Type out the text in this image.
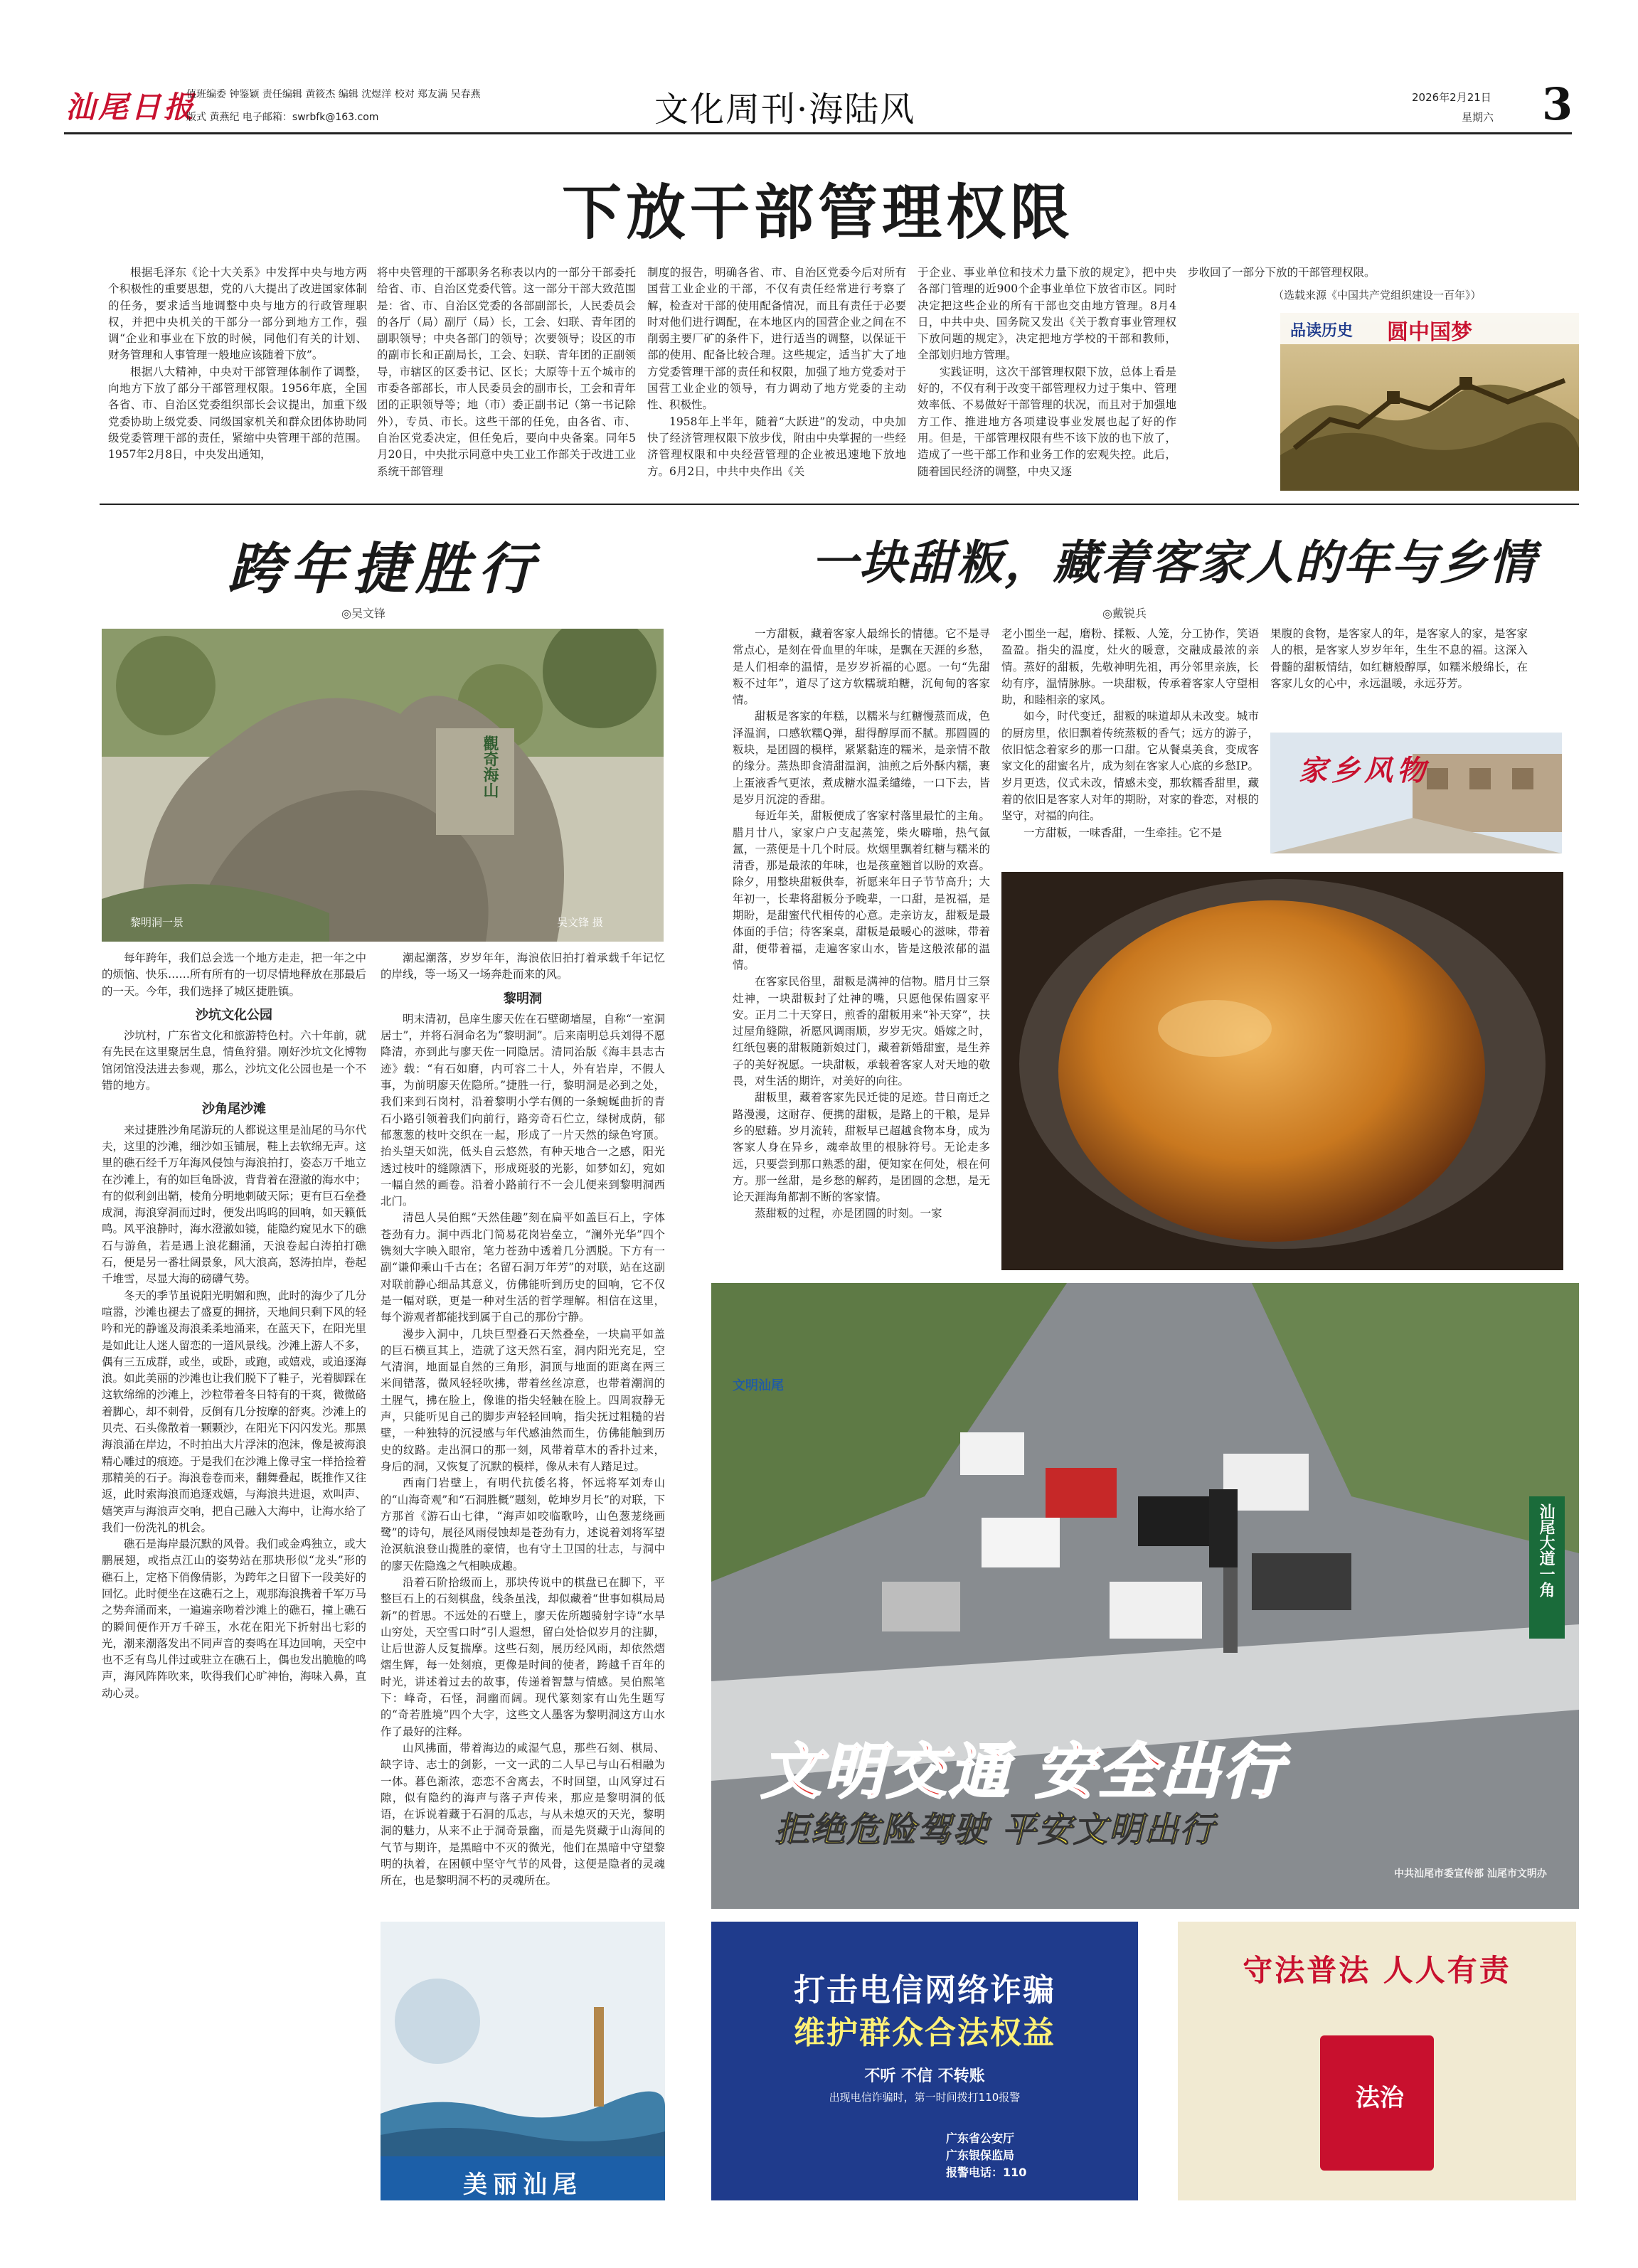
汕尾日报
值班编委 钟鉴颖 责任编辑 黄筱杰 编辑 沈煜洋 校对 郑友满 吴春燕
版式 黄燕纪 电子邮箱：swrbfk@163.com	文化周刊·海陆风	2026年2月21日
星期六 3
下放干部管理权限

根据毛泽东《论十大关系》中发挥中央与地方两个积极性的重要思想，党的八大提出了改进国家体制的任务，要求适当地调整中央与地方的行政管理职权，并把中央机关的干部分一部分到地方工作，强调“企业和事业在下放的时候，同他们有关的计划、财务管理和人事管理一般地应该随着下放”。

根据八大精神，中央对干部管理体制作了调整，向地方下放了部分干部管理权限。1956年底，全国各省、市、自治区党委组织部长会议提出，加重下级党委协助上级党委、同级国家机关和群众团体协助同级党委管理干部的责任，紧缩中央管理干部的范围。1957年2月8日，中央发出通知，

将中央管理的干部职务名称表以内的一部分干部委托给省、市、自治区党委代管。这一部分干部大致范围是：省、市、自治区党委的各部副部长，人民委员会的各厅（局）副厅（局）长，工会、妇联、青年团的副职领导；中央各部门的领导；次要领导；设区的市的副市长和正副局长，工会、妇联、青年团的正副领导，市辖区的区委书记、区长；大原等十五个城市的市委各部部长，市人民委员会的副市长，工会和青年团的正职领导等；地（市）委正副书记（第一书记除外），专员、市长。这些干部的任免，由各省、市、自治区党委决定，但任免后，要向中央备案。同年5月20日，中央批示同意中央工业工作部关于改进工业系统干部管理

制度的报告，明确各省、市、自治区党委今后对所有国营工业企业的干部，不仅有责任经常进行考察了解，检查对干部的使用配备情况，而且有责任于必要时对他们进行调配，在本地区内的国营企业之间在不削弱主要厂矿的条件下，进行适当的调整，以保证干部的使用、配备比较合理。这些规定，适当扩大了地方党委管理干部的责任和权限，加强了地方党委对于国营工业企业的领导，有力调动了地方党委的主动性、积极性。

1958年上半年，随着“大跃进”的发动，中央加快了经济管理权限下放步伐，附由中央掌握的一些经济管理权限和中央经营管理的企业被迅速地下放地方。6月2日，中共中央作出《关

于企业、事业单位和技术力量下放的规定》，把中央各部门管理的近900个企事业单位下放省市区。同时决定把这些企业的所有干部也交由地方管理。8月4日，中共中央、国务院又发出《关于教育事业管理权下放问题的规定》，决定把地方学校的干部和教师，全部划归地方管理。

实践证明，这次干部管理权限下放，总体上看是好的，不仅有利于改变干部管理权力过于集中、管理效率低、不易做好干部管理的状况，而且对于加强地方工作、推进地方各项建设事业发展也起了好的作用。但是，干部管理权限有些不该下放的也下放了，造成了一些干部工作和业务工作的宏观失控。此后，随着国民经济的调整，中央又逐

步收回了一部分下放的干部管理权限。

（选载来源《中国共产党组织建设一百年》）
品读历史 圆中国梦
跨年捷胜行
◎吴文锋
一块甜粄，藏着客家人的年与乡情
◎戴锐兵
觀奇海山
黎明洞一景	吴文锋 摄

每年跨年，我们总会选一个地方走走，把一年之中的烦恼、快乐……所有所有的一切尽情地释放在那最后的一天。今年，我们选择了城区捷胜镇。

沙坑文化公园

沙坑村，广东省文化和旅游特色村。六十年前，就有先民在这里聚居生息，情鱼狩猎。刚好沙坑文化博物馆闭馆没法进去参观，那么，沙坑文化公园也是一个不错的地方。

沙角尾沙滩

来过捷胜沙角尾游玩的人都说这里是汕尾的马尔代夫，这里的沙滩，细沙如玉铺展，鞋上去软绵无声。这里的礁石经千万年海风侵蚀与海浪拍打，姿态万千地立在沙滩上，有的如巨龟卧波，背背着在澄澈的海水中；有的似利剑出鞘，棱角分明地刺破天际；更有巨石垒叠成洞，海浪穿洞而过时，便发出呜呜的回响，如天籁低鸣。风平浪静时，海水澄澈如镜，能隐约窥见水下的礁石与游鱼，若是遇上浪花翻涌，天浪卷起白涛拍打礁石，便是另一番壮阔景象，风大浪高，怒涛拍岸，卷起千堆雪，尽显大海的磅礴气势。

冬天的季节虽说阳光明媚和煦，此时的海少了几分喧嚣，沙滩也褪去了盛夏的拥挤，天地间只剩下风的轻吟和光的静谧及海浪柔柔地涌来，在蓝天下，在阳光里是如此让人迷人留恋的一道风景线。沙滩上游人不多，偶有三五成群，或坐，或卧，或跑，或嬉戏，或追逐海浪。如此美丽的沙滩也让我们脱下了鞋子，光着脚踩在这软绵绵的沙滩上，沙粒带着冬日特有的干爽，微微硌着脚心，却不刺骨，反倒有几分按摩的舒爽。沙滩上的贝壳、石头像散着一颗颗沙，在阳光下闪闪发光。那黑海浪涌在岸边，不时拍出大片浮沫的泡沫，像是被海浪精心雕过的痕迹。于是我们在沙滩上像寻宝一样拾捡着那精美的石子。海浪卷卷而来，翻舞叠起，既推作又往返，此时索海浪而追逐戏嬉，与海浪共进退，欢叫声、嬉笑声与海浪声交响，把自己融入大海中，让海水给了我们一份洗礼的机会。

礁石是海岸最沉默的风骨。我们或金鸡独立，或大鹏展翅，或指点江山的姿势站在那块形似“龙头”形的礁石上，定格下俏像倩影，为跨年之日留下一段美好的回忆。此时便坐在这礁石之上，观那海浪携着千军万马之势奔涌而来，一遍遍亲吻着沙滩上的礁石，撞上礁石的瞬间便作开万千碎玉，水花在阳光下折射出七彩的光，潮来潮落发出不同声音的奏鸣在耳边回响，天空中也不乏有鸟儿伴过或驻立在礁石上，偶也发出脆脆的鸣声，海风阵阵吹来，吹得我们心旷神怡，海味入鼻，直动心灵。

潮起潮落，岁岁年年，海浪依旧拍打着承载千年记忆的岸线，等一场又一场奔赴而来的风。

黎明洞

明末清初，邑庠生廖天佐在石壁砌墙屋，自称“一室洞居士”，并将石洞命名为“黎明洞”。后来南明总兵刘得不愿降清，亦到此与廖天佐一同隐居。清同治版《海丰县志古迹》载：“有石如磨，内可容二十人，外有岩岸，不假人事，为前明廖天佐隐所。”捷胜一行，黎明洞是必到之处，我们来到石岗村，沿着黎明小学右侧的一条蜿蜒曲折的青石小路引领着我们向前行，路旁奇石伫立，绿树成荫，郁郁葱葱的枝叶交织在一起，形成了一片天然的绿色穹顶。抬头望天如洗，低头自云悠然，有种天地合一之感，阳光透过枝叶的缝隙洒下，形成斑驳的光影，如梦如幻，宛如一幅自然的画卷。沿着小路前行不一会儿便来到黎明洞西北门。

清邑人吴伯熙“天然佳趣”刻在扁平如盖巨石上，字体苍劲有力。洞中西北门简易花岗岩垒立，“澜外光华”四个镌刻大字映入眼帘，笔力苍劲中透着几分洒脱。下方有一副“谦仰乘山千古在；名留石洞万年芳”的对联，站在这副对联前静心细品其意义，仿佛能听到历史的回响，它不仅是一幅对联，更是一种对生活的哲学理解。相信在这里，每个游观者都能找到属于自己的那份宁静。

漫步入洞中，几块巨型叠石天然叠垒，一块扁平如盖的巨石横亘其上，造就了这天然石室，洞内阳光充足，空气清润，地面显自然的三角形，洞顶与地面的距离在两三米间错落，微风轻轻吹拂，带着丝丝凉意，也带着潮润的土腥气，拂在脸上，像谁的指尖轻触在脸上。四周寂静无声，只能听见自己的脚步声轻轻回响，指尖抚过粗糙的岩壁，一种独特的沉浸感与年代感油然而生，仿佛能触到历史的纹路。走出洞口的那一刻，风带着草木的香扑过来，身后的洞，又恢复了沉默的模样，像从未有人踏足过。

西南门岩壁上，有明代抗倭名将，怀远将军刘寿山的“山海奇观”和“石洞胜概”题刻，乾坤岁月长”的对联，下方那首《游石山七律，“海声如咬临歌吟，山色葱茏绕画鹭”的诗句，展径风雨侵蚀却是苍劲有力，述说着刘将军望沧溟航浪登山揽胜的豪情，也有守土卫国的壮志，与洞中的廖天佐隐逸之气相映成趣。

沿着石阶拾级而上，那块传说中的棋盘已在脚下，平整巨石上的石刻棋盘，线条虽浅，却似藏着“世事如棋局局新”的哲思。不远处的石壁上，廖天佐所题骑射字诗“水旱山穷处，天空雪口时”引人遐想，留白处恰似岁月的注脚，让后世游人反复揣摩。这些石刻，展历经风雨，却依然熠熠生辉，每一处刻痕，更像是时间的使者，跨越千百年的时光，讲述着过去的故事，传递着智慧与情感。吴伯熙笔下：峰奇，石怪，洞幽而阔。现代篆刻家有山先生题写的“奇若胜境”四个大字，这些文人墨客为黎明洞这方山水作了最好的注释。

山风拂面，带着海边的咸湿气息，那些石刻、棋局、缺字诗、志士的剑影，一文一武的二人早已与山石相融为一体。暮色渐浓，恋恋不舍离去，不时回望，山风穿过石隙，似有隐约的海声与落子声传来，那应是黎明洞的低语，在诉说着藏于石洞的瓜志，与从未熄灭的天光，黎明洞的魅力，从来不止于洞奇景幽，而是先贤藏于山海间的气节与期许，是黑暗中不灭的微光，他们在黑暗中守望黎明的执着，在困顿中坚守气节的风骨，这便是隐者的灵魂所在，也是黎明洞不朽的灵魂所在。

美丽汕尾

一方甜粄，藏着客家人最绵长的情德。它不是寻常点心，是刻在骨血里的年味，是飘在天涯的乡愁，是人们相牵的温情，是岁岁祈福的心愿。一句“先甜粄不过年”，道尽了这方软糯琥珀糖，沉甸甸的客家情。

甜粄是客家的年糕，以糯米与红糖慢蒸而成，色泽温润，口感软糯Q弹，甜得醇厚而不腻。那圆圆的粄块，是团圆的模样，紧紧黏连的糯米，是亲情不散的缘分。蒸热即食清甜温润，油煎之后外酥内糯，裹上蛋液香气更浓，煮成糖水温柔缱绻，一口下去，皆是岁月沉淀的香甜。

每近年关，甜粄便成了客家村落里最忙的主角。腊月廿八，家家户户支起蒸笼，柴火噼啪，热气氤氲，一蒸便是十几个时辰。炊烟里飘着红糖与糯米的清香，那是最浓的年味，也是孩童翘首以盼的欢喜。除夕，用整块甜粄供奉，祈愿来年日子节节高升；大年初一，长辈将甜粄分予晚辈，一口甜，是祝福，是期盼，是甜蜜代代相传的心意。走亲访友，甜粄是最体面的手信；待客案桌，甜粄是最暖心的滋味，带着甜，便带着福，走遍客家山水，皆是这般浓郁的温情。

在客家民俗里，甜粄是满神的信物。腊月廿三祭灶神，一块甜粄封了灶神的嘴，只愿他保佑圆家平安。正月二十天穿日，煎香的甜粄用来“补天穿”，扶过屋角缝隙，祈愿风调雨顺，岁岁无灾。婚嫁之时，红纸包裹的甜粄随新娘过门，藏着新婚甜蜜，是生养子的美好祝愿。一块甜粄，承载着客家人对天地的敬畏，对生活的期许，对美好的向往。

甜粄里，藏着客家先民迁徙的足迹。昔日南迁之路漫漫，这耐存、便携的甜粄，是路上的干粮，是异乡的慰藉。岁月流转，甜粄早已超越食物本身，成为客家人身在异乡，魂牵故里的根脉符号。无论走多远，只要尝到那口熟悉的甜，便知家在何处，根在何方。那一丝甜，是乡愁的解药，是团圆的念想，是无论天涯海角都割不断的客家情。

蒸甜粄的过程，亦是团圆的时刻。一家

老小围坐一起，磨粉、揉粄、人笼，分工协作，笑语盈盈。指尖的温度，灶火的暖意，交融成最浓的亲情。蒸好的甜粄，先敬神明先祖，再分邻里亲族，长幼有序，温情脉脉。一块甜粄，传承着客家人守望相助，和睦相亲的家风。

如今，时代变迁，甜粄的味道却从未改变。城市的厨房里，依旧飘着传统蒸粄的香气；远方的游子，依旧惦念着家乡的那一口甜。它从餐桌美食，变成客家文化的甜蜜名片，成为刻在客家人心底的乡愁IP。岁月更迭，仪式未改，情感未变，那软糯香甜里，藏着的依旧是客家人对年的期盼，对家的眷恋，对根的坚守，对福的向往。

一方甜粄，一味香甜，一生牵挂。它不是

果腹的食物，是客家人的年，是客家人的家，是客家人的根，是客家人岁岁年年，生生不息的福。这深入骨髓的甜粄情结，如红糖般醇厚，如糯米般绵长，在客家儿女的心中，永远温暖，永远芬芳。

家乡风物
汕尾大道一角
文明汕尾
文明交通 安全出行
拒绝危险驾驶 平安文明出行
中共汕尾市委宣传部 汕尾市文明办
打击电信网络诈骗
维护群众合法权益
不听 不信 不转账
出现电信诈骗时，第一时间拨打110报警
广东省公安厅
广东银保监局
报警电话：110
守法普法 人人有责
法治
